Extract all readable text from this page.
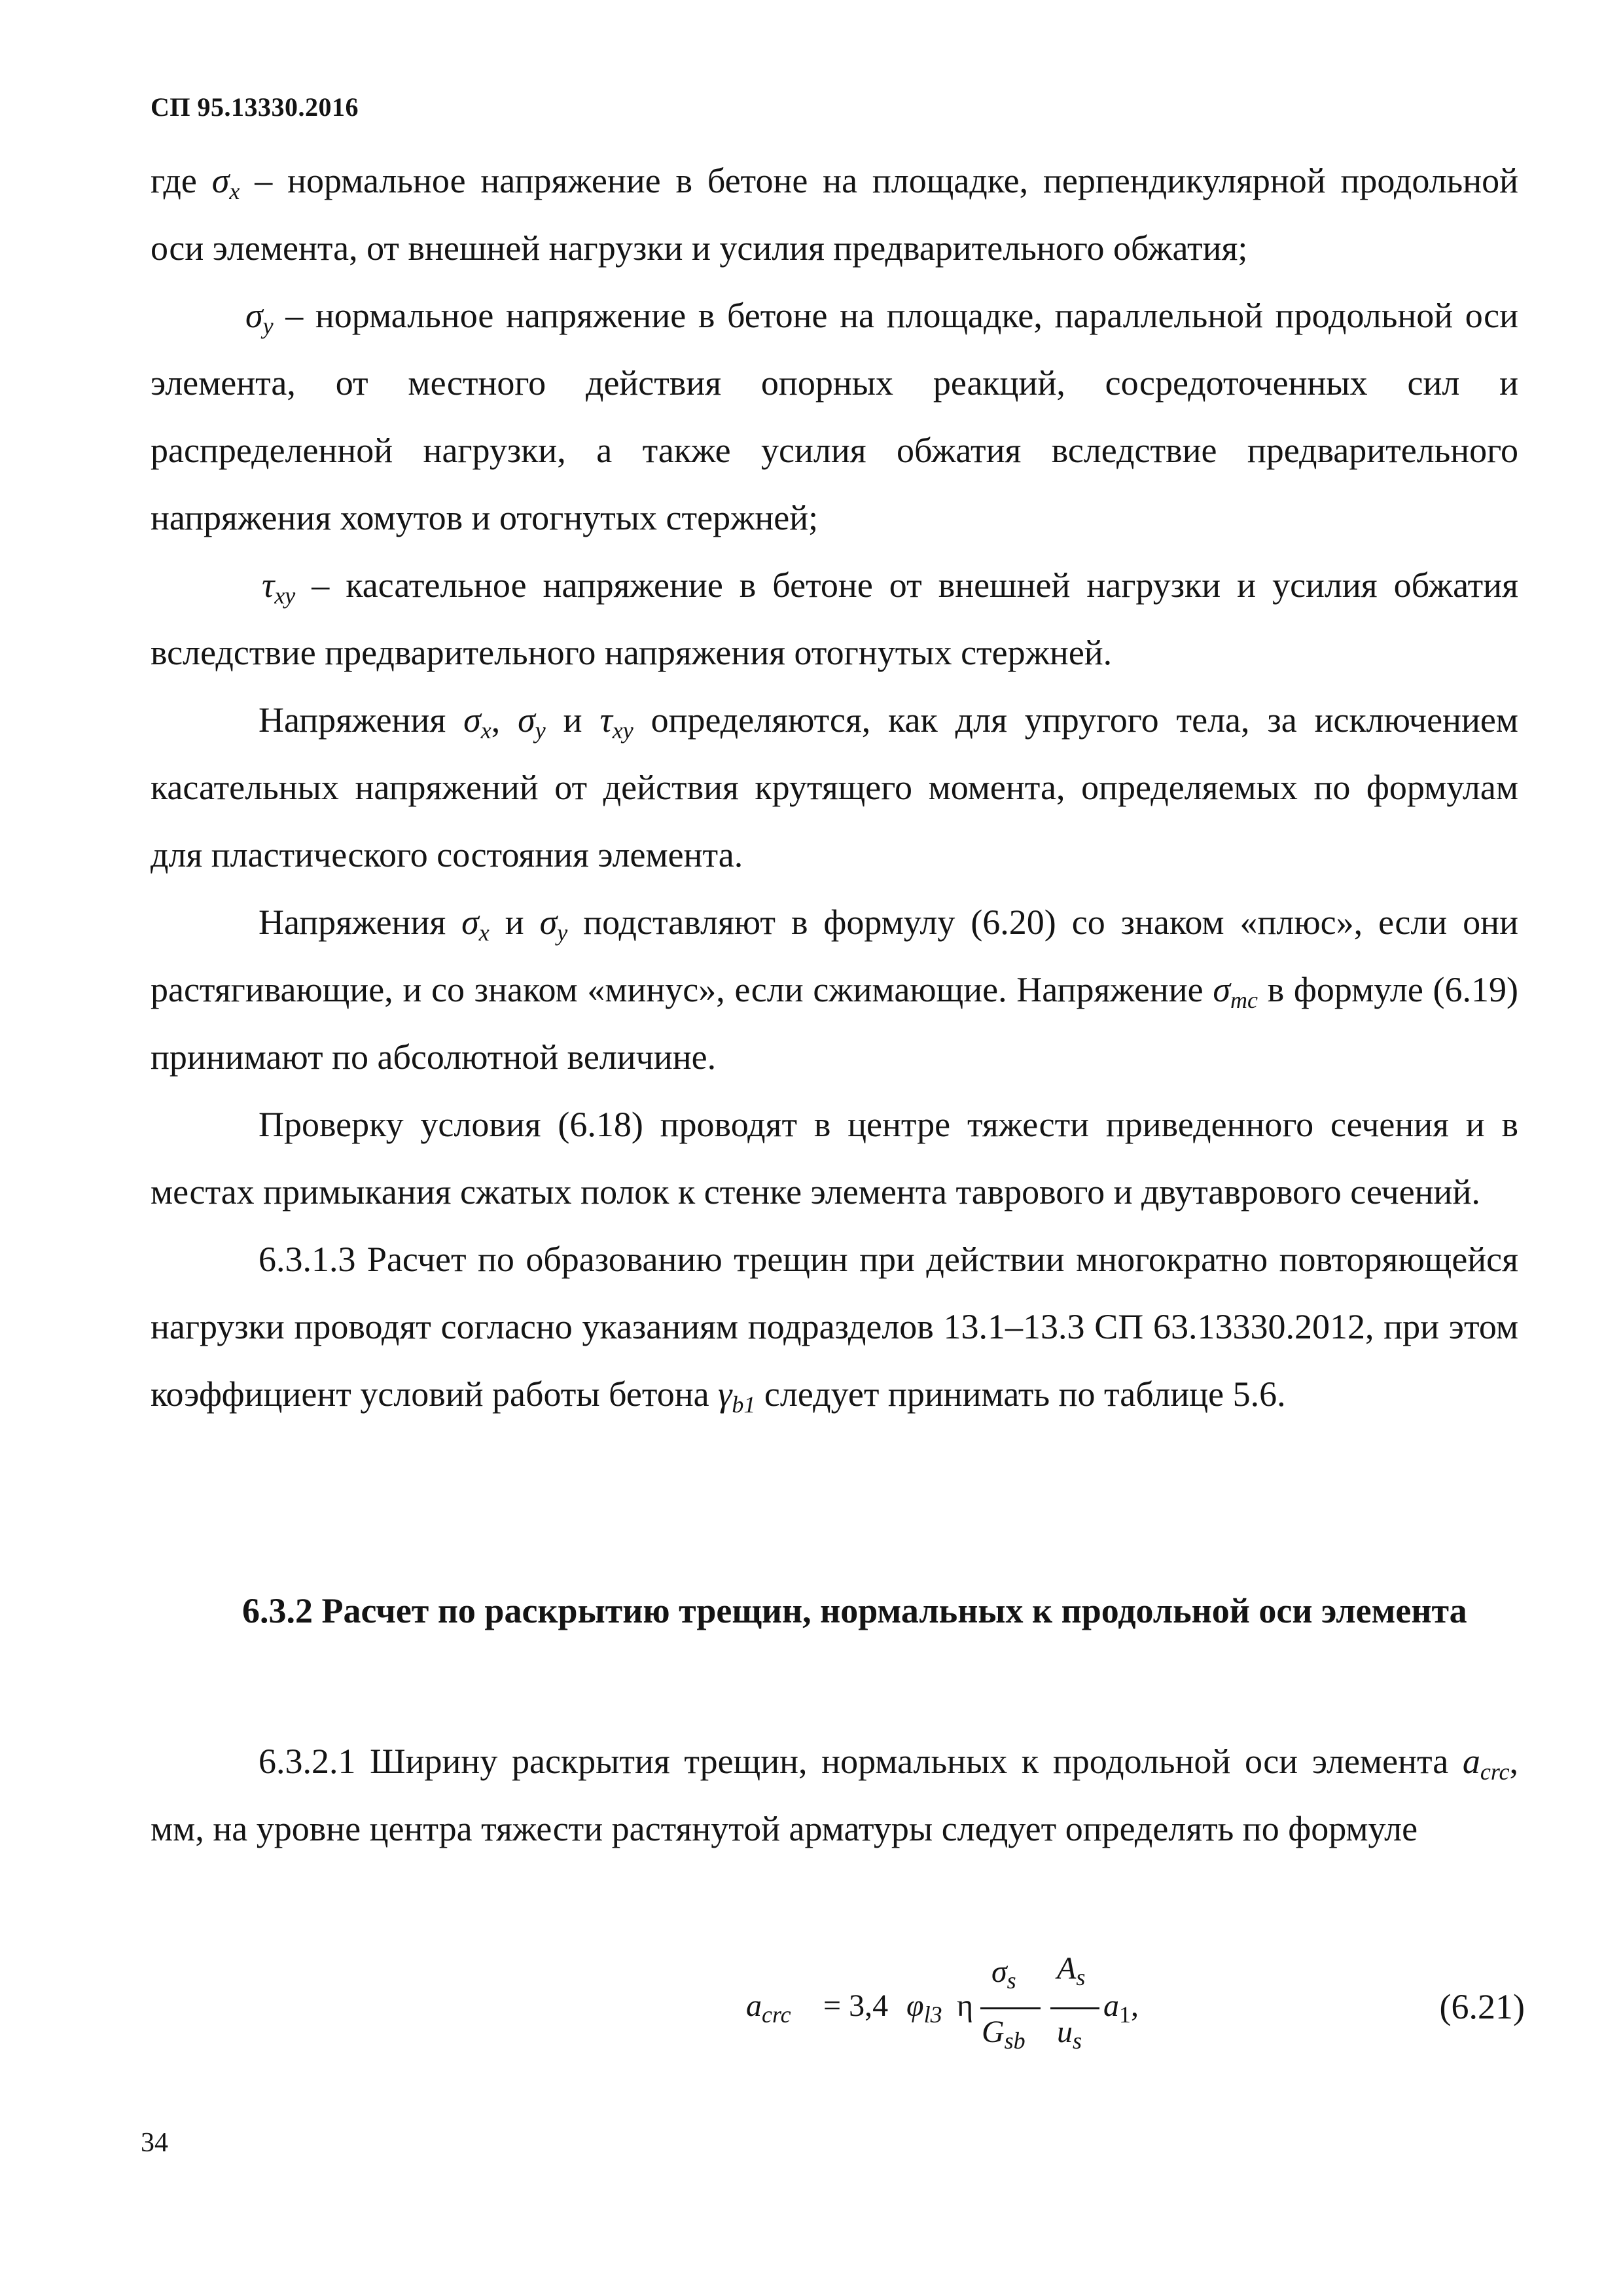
СП 95.13330.2016

где $\sigma_x$ – нормальное напряжение в бетоне на площадке, перпендикулярной продольной оси элемента, от внешней нагрузки и усилия предварительного обжатия;

$\sigma_y$ – нормальное напряжение в бетоне на площадке, параллельной продольной оси элемента, от местного действия опорных реакций, сосредоточенных сил и распределенной нагрузки, а также усилия обжатия вследствие предварительного напряжения хомутов и отогнутых стержней;

$\tau_{xy}$ – касательное напряжение в бетоне от внешней нагрузки и усилия обжатия вследствие предварительного напряжения отогнутых стержней.

Напряжения $\sigma_x$, $\sigma_y$ и $\tau_{xy}$ определяются, как для упругого тела, за исключением касательных напряжений от действия крутящего момента, определяемых по формулам для пластического состояния элемента.

Напряжения $\sigma_x$ и $\sigma_y$ подставляют в формулу (6.20) со знаком «плюс», если они растягивающие, и со знаком «минус», если сжимающие. Напряжение $\sigma_{mc}$ в формуле (6.19) принимают по абсолютной величине.

Проверку условия (6.18) проводят в центре тяжести приведенного сечения и в местах примыкания сжатых полок к стенке элемента таврового и двутаврового сечений.

6.3.1.3 Расчет по образованию трещин при действии многократно повторяющейся нагрузки проводят согласно указаниям подразделов 13.1–13.3 СП 63.13330.2012, при этом коэффициент условий работы бетона $\gamma_{b1}$ следует принимать по таблице 5.6.

6.3.2 Расчет по раскрытию трещин, нормальных к продольной оси элемента

6.3.2.1 Ширину раскрытия трещин, нормальных к продольной оси элемента $a_{crc}$, мм, на уровне центра тяжести растянутой арматуры следует определять по формуле

$a_{crc} = 3,4$ $\varphi_{l3}$ η
$\sigma_s$
$G_{sb}$
$A_s$
$u_s$
$a_1$,	(6.21)
34
